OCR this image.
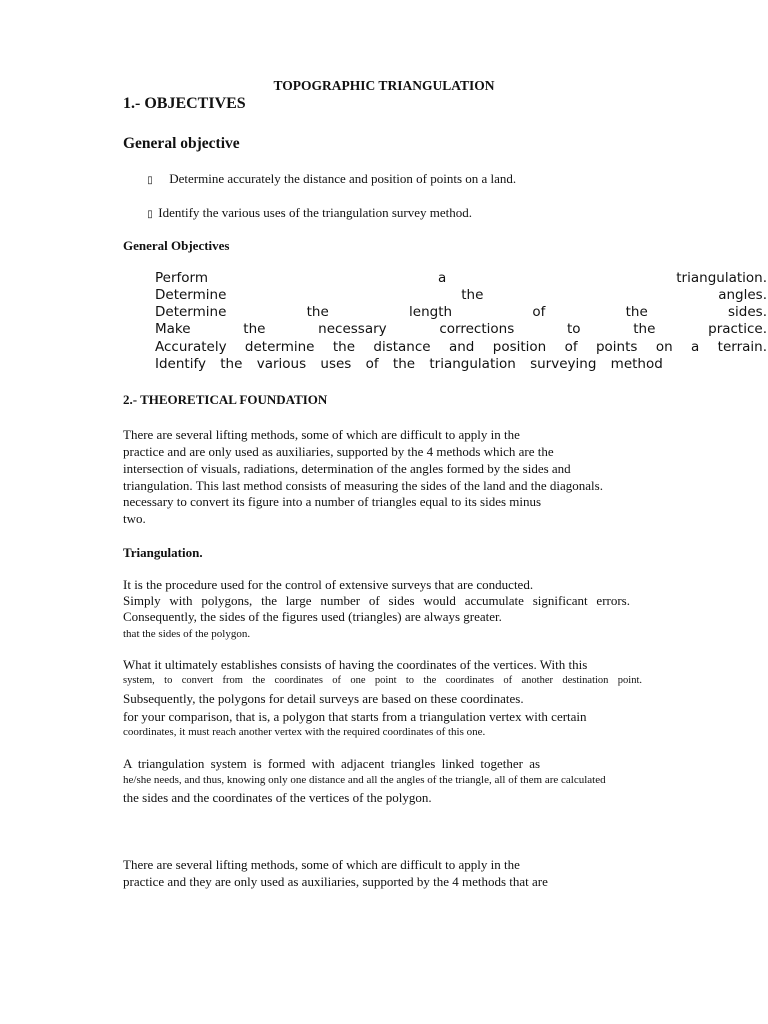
TOPOGRAPHIC TRIANGULATION
1.- OBJECTIVES
General objective
▯ Determine accurately the distance and position of points on a land.
▯ Identify the various uses of the triangulation survey method.
General Objectives
Perform a triangulation.
Determine the angles.
Determine the length of the sides.
Make the necessary corrections to the practice.
Accurately determine the distance and position of points on a terrain.
Identify the various uses of the triangulation surveying method
2.- THEORETICAL FOUNDATION
There are several lifting methods, some of which are difficult to apply in the
practice and are only used as auxiliaries, supported by the 4 methods which are the
intersection of visuals, radiations, determination of the angles formed by the sides and
triangulation. This last method consists of measuring the sides of the land and the diagonals.
necessary to convert its figure into a number of triangles equal to its sides minus
two.
Triangulation.
It is the procedure used for the control of extensive surveys that are conducted.
Simply with polygons, the large number of sides would accumulate significant errors.
Consequently, the sides of the figures used (triangles) are always greater.
that the sides of the polygon.
What it ultimately establishes consists of having the coordinates of the vertices. With this
system, to convert from the coordinates of one point to the coordinates of another destination point.
Subsequently, the polygons for detail surveys are based on these coordinates.
for your comparison, that is, a polygon that starts from a triangulation vertex with certain
coordinates, it must reach another vertex with the required coordinates of this one.
A triangulation system is formed with adjacent triangles linked together as
he/she needs, and thus, knowing only one distance and all the angles of the triangle, all of them are calculated
the sides and the coordinates of the vertices of the polygon.
There are several lifting methods, some of which are difficult to apply in the
practice and they are only used as auxiliaries, supported by the 4 methods that are
